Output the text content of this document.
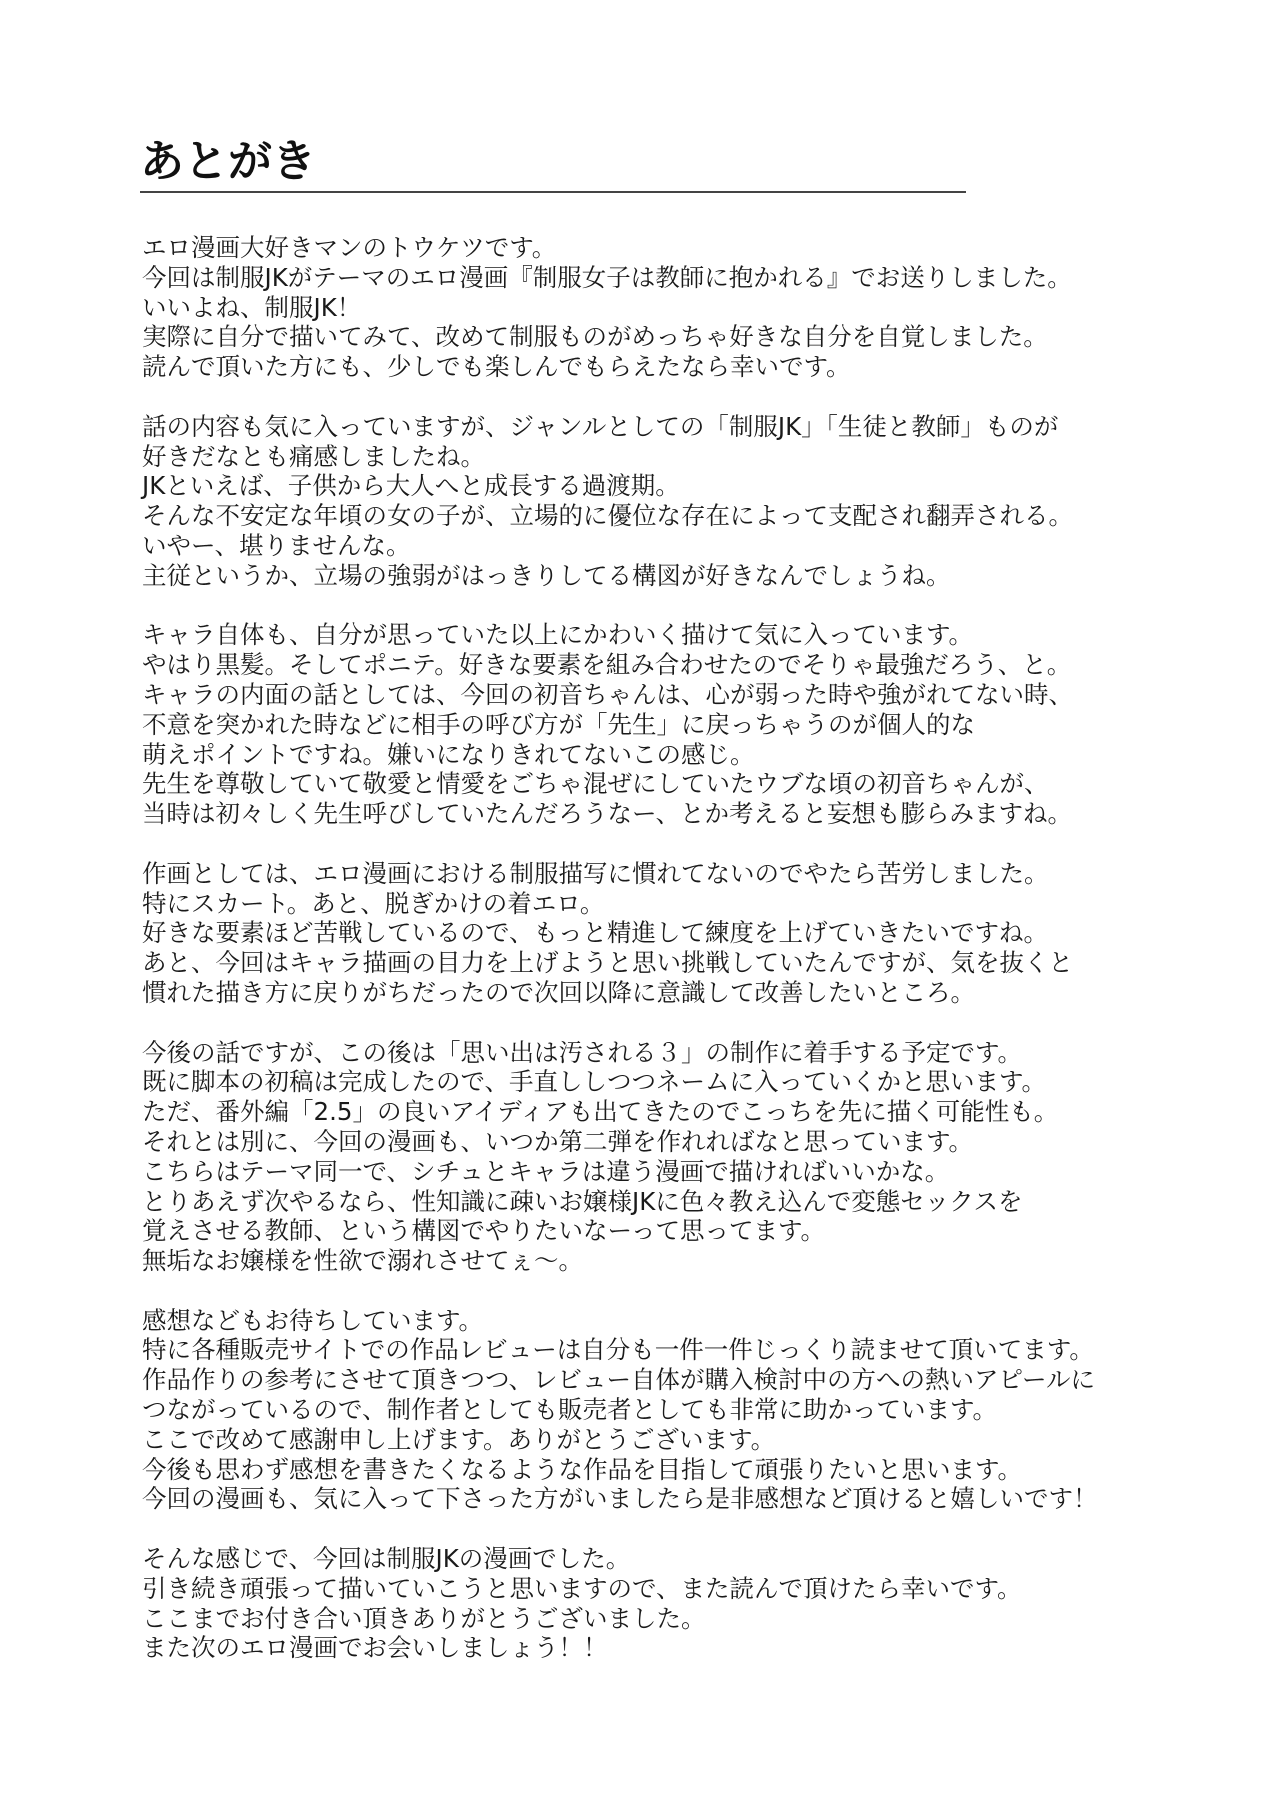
あとがき
エロ漫画大好きマンのトウケツです。
今回は制服JKがテーマのエロ漫画『制服女子は教師に抱かれる』でお送りしました。
いいよね、制服JK！
実際に自分で描いてみて、改めて制服ものがめっちゃ好きな自分を自覚しました。
読んで頂いた方にも、少しでも楽しんでもらえたなら幸いです。
話の内容も気に入っていますが、ジャンルとしての「制服JK」「生徒と教師」ものが
好きだなとも痛感しましたね。
JKといえば、子供から大人へと成長する過渡期。
そんな不安定な年頃の女の子が、立場的に優位な存在によって支配され翻弄される。
いやー、堪りませんな。
主従というか、立場の強弱がはっきりしてる構図が好きなんでしょうね。
キャラ自体も、自分が思っていた以上にかわいく描けて気に入っています。
やはり黒髪。そしてポニテ。好きな要素を組み合わせたのでそりゃ最強だろう、と。
キャラの内面の話としては、今回の初音ちゃんは、心が弱った時や強がれてない時、
不意を突かれた時などに相手の呼び方が「先生」に戻っちゃうのが個人的な
萌えポイントですね。嫌いになりきれてないこの感じ。
先生を尊敬していて敬愛と情愛をごちゃ混ぜにしていたウブな頃の初音ちゃんが、
当時は初々しく先生呼びしていたんだろうなー、とか考えると妄想も膨らみますね。
作画としては、エロ漫画における制服描写に慣れてないのでやたら苦労しました。
特にスカート。あと、脱ぎかけの着エロ。
好きな要素ほど苦戦しているので、もっと精進して練度を上げていきたいですね。
あと、今回はキャラ描画の目力を上げようと思い挑戦していたんですが、気を抜くと
慣れた描き方に戻りがちだったので次回以降に意識して改善したいところ。
今後の話ですが、この後は「思い出は汚される３」の制作に着手する予定です。
既に脚本の初稿は完成したので、手直ししつつネームに入っていくかと思います。
ただ、番外編「2.5」の良いアイディアも出てきたのでこっちを先に描く可能性も。
それとは別に、今回の漫画も、いつか第二弾を作れればなと思っています。
こちらはテーマ同一で、シチュとキャラは違う漫画で描ければいいかな。
とりあえず次やるなら、性知識に疎いお嬢様JKに色々教え込んで変態セックスを
覚えさせる教師、という構図でやりたいなーって思ってます。
無垢なお嬢様を性欲で溺れさせてぇ～。
感想などもお待ちしています。
特に各種販売サイトでの作品レビューは自分も一件一件じっくり読ませて頂いてます。
作品作りの参考にさせて頂きつつ、レビュー自体が購入検討中の方への熱いアピールに
つながっているので、制作者としても販売者としても非常に助かっています。
ここで改めて感謝申し上げます。ありがとうございます。
今後も思わず感想を書きたくなるような作品を目指して頑張りたいと思います。
今回の漫画も、気に入って下さった方がいましたら是非感想など頂けると嬉しいです！
そんな感じで、今回は制服JKの漫画でした。
引き続き頑張って描いていこうと思いますので、また読んで頂けたら幸いです。
ここまでお付き合い頂きありがとうございました。
また次のエロ漫画でお会いしましょう！！
